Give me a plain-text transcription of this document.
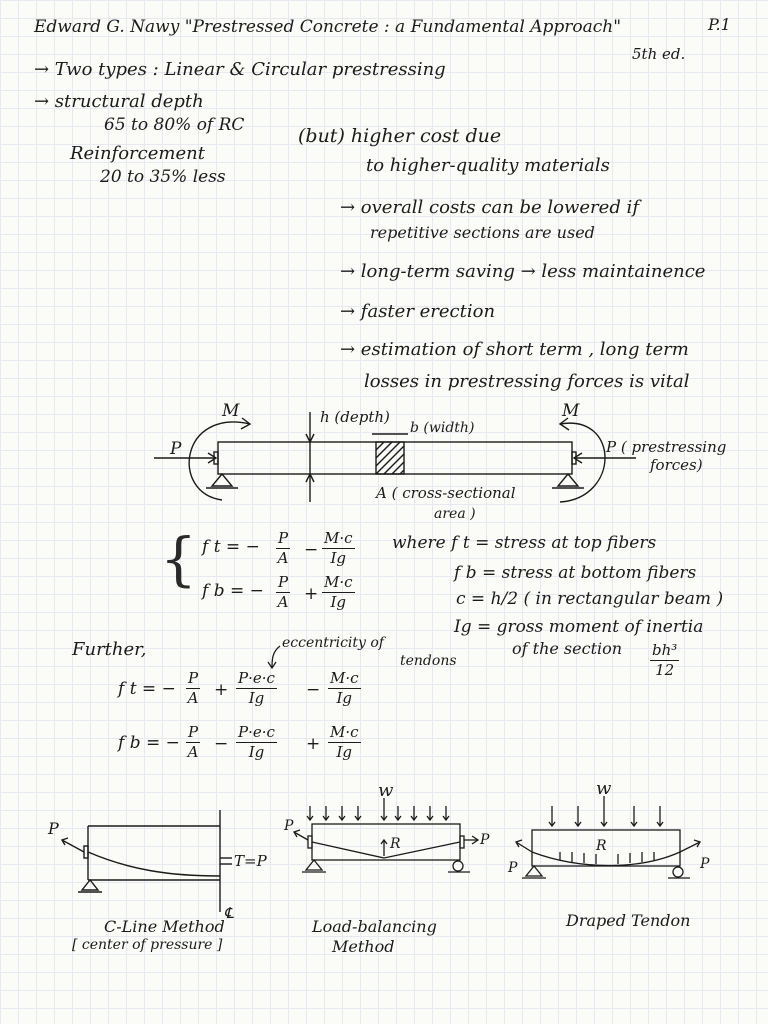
Edward G. Nawy "Prestressed Concrete : a Fundamental Approach"	P.1
5th ed.
→ Two types : Linear & Circular prestressing
→ structural depth
65 to 80% of RC
Reinforcement
20 to 35% less
(but) higher cost due
to higher-quality materials
→ overall costs can be lowered if
repetitive sections are used
→ long-term saving → less maintainence
→ faster erection
→ estimation of short term , long term
losses in prestressing forces is vital
M	M
P
h (depth)
b (width)
P ( prestressing
forces)
A ( cross-sectional
area )
{ f t = − $\frac{P}{A} - \frac{M\cdot c}{Ig}$
f b = − $\frac{P}{A} + \frac{M\cdot c}{Ig}$
where f t = stress at top fibers
f b = stress at bottom fibers
c = h/2 ( in rectangular beam )
Ig = gross moment of inertia
of the section $\frac{\text{bh³}}{12}$
Further,	eccentricity of
tendons
f t = − $\frac{P}{A} + \frac{P\cdot e\cdot c}{Ig} - \frac{M\cdot c}{Ig}$
f b = − $\frac{P}{A} - \frac{P\cdot e\cdot c}{Ig} + \frac{M\cdot c}{Ig}$
P
T=P
℄
C-Line Method
[ center of pressure ]
w
R
P
P
Load-balancing
Method
w
R
P	P
Draped Tendon
